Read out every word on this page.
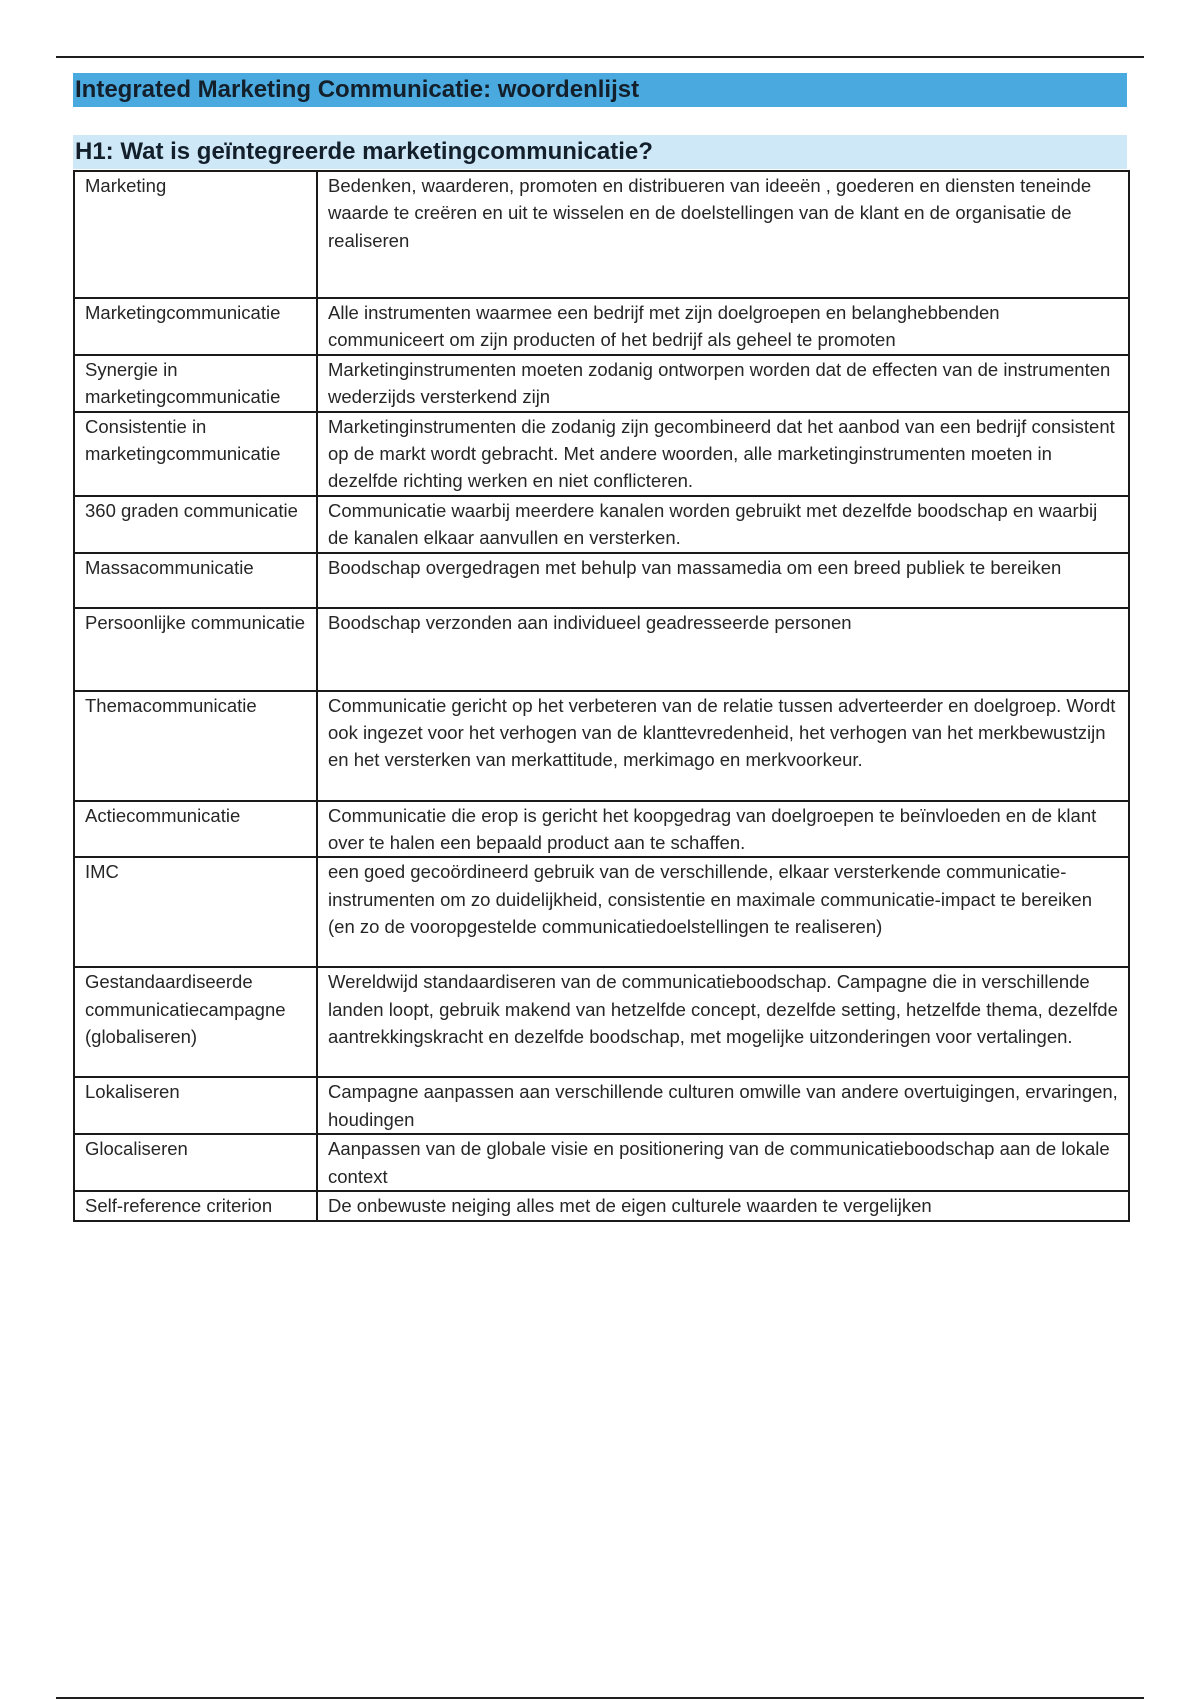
Integrated Marketing Communicatie: woordenlijst
H1: Wat is geïntegreerde marketingcommunicatie?
Marketing	Bedenken, waarderen, promoten en distribueren van ideeën , goederen en diensten teneinde waarde te creëren en uit te wisselen en de doelstellingen van de klant en de organisatie de realiseren
Marketingcommunicatie	Alle instrumenten waarmee een bedrijf met zijn doelgroepen en belanghebbenden communiceert om zijn producten of het bedrijf als geheel te promoten
Synergie in marketingcommunicatie	Marketinginstrumenten moeten zodanig ontworpen worden dat de effecten van de instrumenten wederzijds versterkend zijn
Consistentie in marketingcommunicatie	Marketinginstrumenten die zodanig zijn gecombineerd dat het aanbod van een bedrijf consistent op de markt wordt gebracht. Met andere woorden, alle marketinginstrumenten moeten in dezelfde richting werken en niet conflicteren.
360 graden communicatie	Communicatie waarbij meerdere kanalen worden gebruikt met dezelfde boodschap en waarbij de kanalen elkaar aanvullen en versterken.
Massacommunicatie	Boodschap overgedragen met behulp van massamedia om een breed publiek te bereiken
Persoonlijke communicatie	Boodschap verzonden aan individueel geadresseerde personen
Themacommunicatie	Communicatie gericht op het verbeteren van de relatie tussen adverteerder en doelgroep. Wordt ook ingezet voor het verhogen van de klanttevredenheid, het verhogen van het merkbewustzijn en het versterken van merkattitude, merkimago en merkvoorkeur.
Actiecommunicatie	Communicatie die erop is gericht het koopgedrag van doelgroepen te beïnvloeden en de klant over te halen een bepaald product aan te schaffen.
IMC	een goed gecoördineerd gebruik van de verschillende, elkaar versterkende communicatie-instrumenten om zo duidelijkheid, consistentie en maximale communicatie-impact te bereiken (en zo de vooropgestelde communicatiedoelstellingen te realiseren)
Gestandaardiseerde communicatiecampagne (globaliseren)	Wereldwijd standaardiseren van de communicatieboodschap. Campagne die in verschillende landen loopt, gebruik makend van hetzelfde concept, dezelfde setting, hetzelfde thema, dezelfde aantrekkingskracht en dezelfde boodschap, met mogelijke uitzonderingen voor vertalingen.
Lokaliseren	Campagne aanpassen aan verschillende culturen omwille van andere overtuigingen, ervaringen, houdingen
Glocaliseren	Aanpassen van de globale visie en positionering van de communicatieboodschap aan de lokale context
Self-reference criterion	De onbewuste neiging alles met de eigen culturele waarden te vergelijken
